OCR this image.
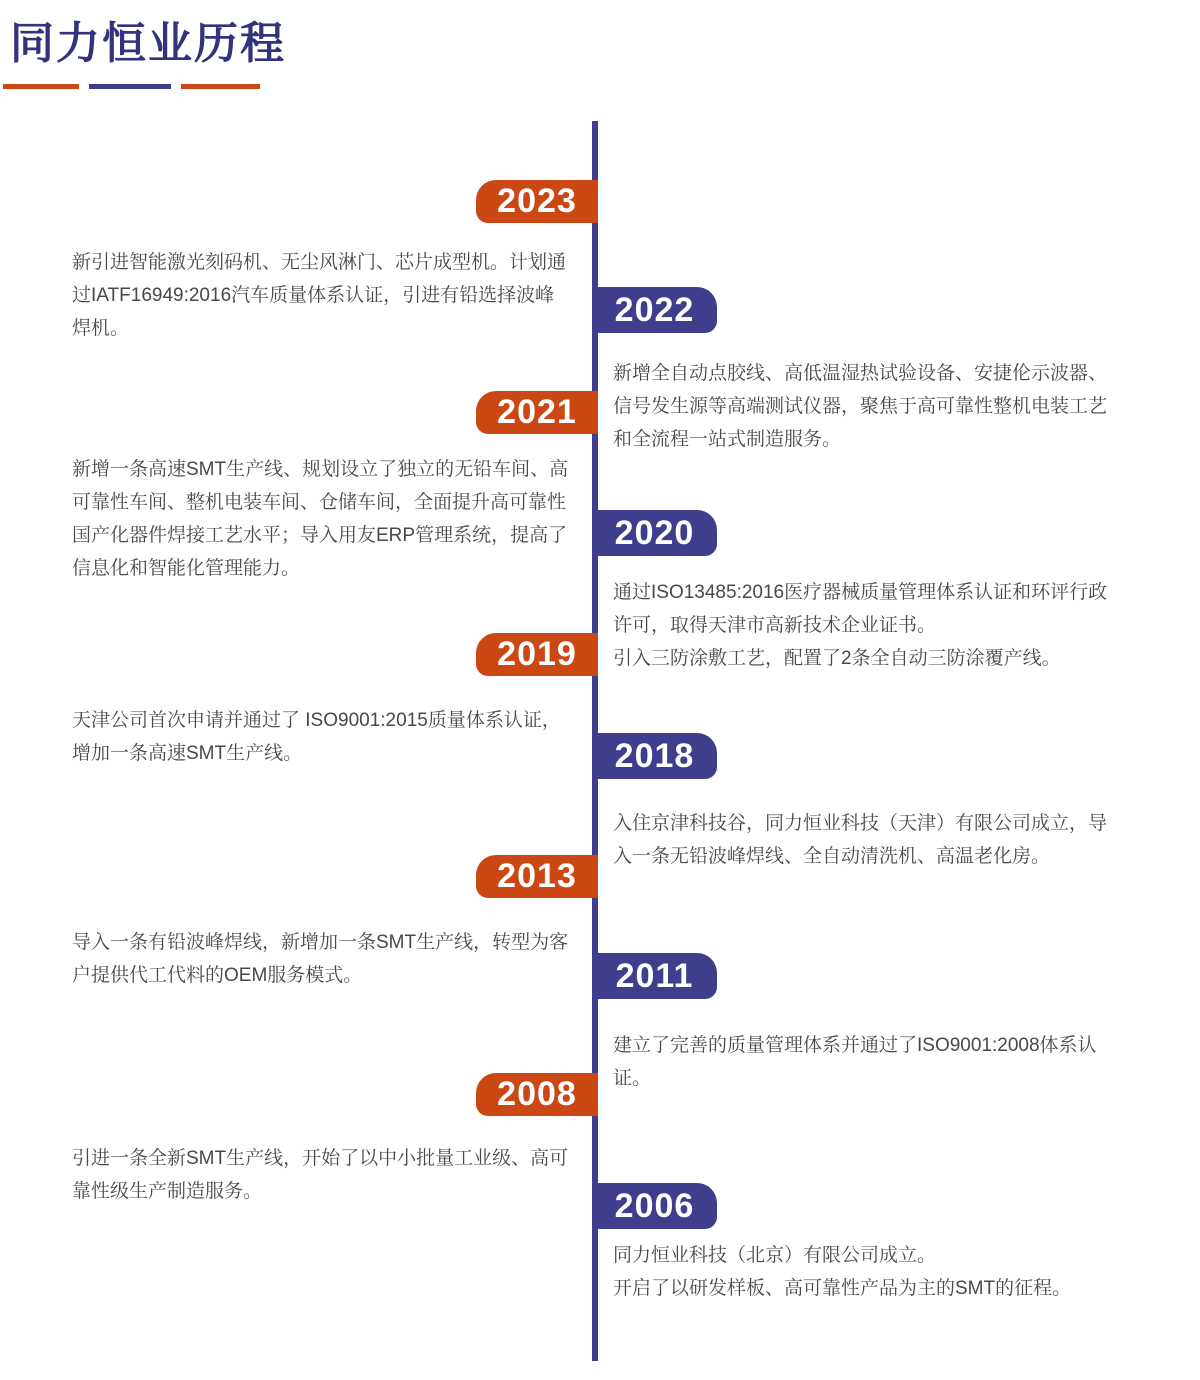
同力恒业历程
2023
新引进智能激光刻码机、无尘风淋门、芯片成型机。计划通过IATF16949:2016汽车质量体系认证，引进有铅选择波峰焊机。	2022
新增全自动点胶线、高低温湿热试验设备、安捷伦示波器、信号发生源等高端测试仪器，聚焦于高可靠性整机电装工艺和全流程一站式制造服务。
2021
新增一条高速SMT生产线、规划设立了独立的无铅车间、高可靠性车间、整机电装车间、仓储车间，全面提升高可靠性国产化器件焊接工艺水平；导入用友ERP管理系统，提高了信息化和智能化管理能力。
2020
通过ISO13485:2016医疗器械质量管理体系认证和环评行政许可，取得天津市高新技术企业证书。
引入三防涂敷工艺，配置了2条全自动三防涂覆产线。
2019
天津公司首次申请并通过了 ISO9001:2015质量体系认证，增加一条高速SMT生产线。	2018
入住京津科技谷，同力恒业科技（天津）有限公司成立，导入一条无铅波峰焊线、全自动清洗机、高温老化房。
2013
导入一条有铅波峰焊线，新增加一条SMT生产线，转型为客户提供代工代料的OEM服务模式。	2011
建立了完善的质量管理体系并通过了ISO9001:2008体系认证。
2008
引进一条全新SMT生产线，开始了以中小批量工业级、高可靠性级生产制造服务。	2006
同力恒业科技（北京）有限公司成立。
开启了以研发样板、高可靠性产品为主的SMT的征程。
